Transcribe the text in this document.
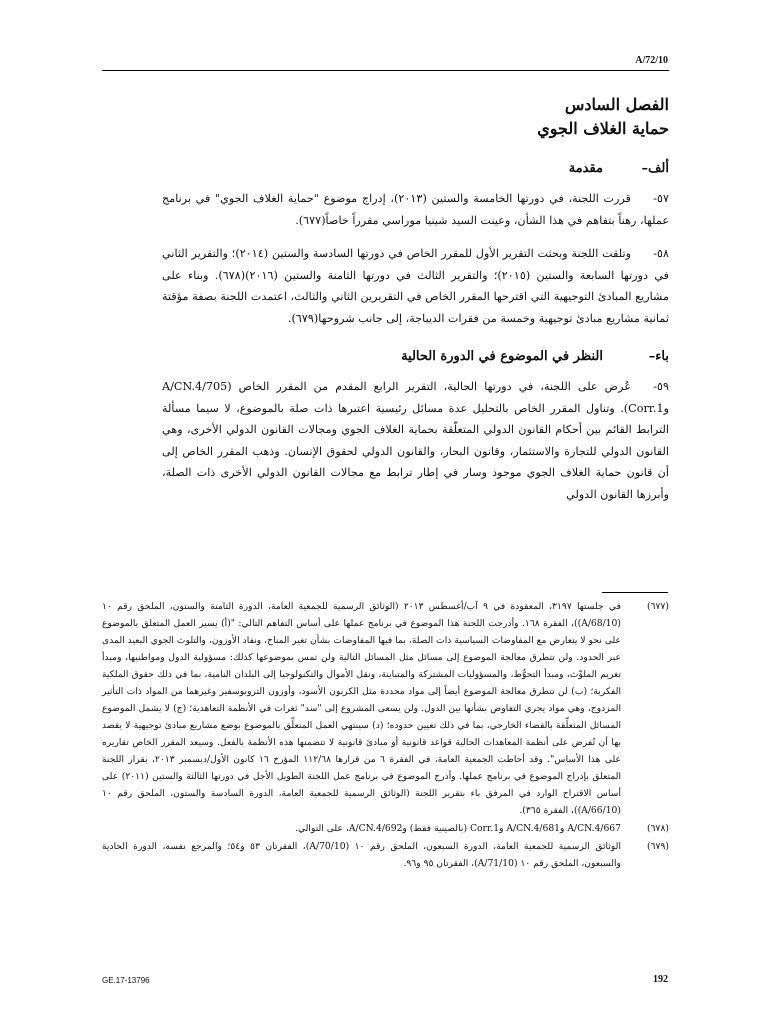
A/72/10
الفصل السادس
حماية الغلاف الجوي
ألف–مقدمة

٥٧-قررت اللجنة، في دورتها الخامسة والستين (٢٠١٣)، إدراج موضوع "حماية الغلاف الجوي" في برنامج عملها، رهناً بتفاهم في هذا الشأن، وعينت السيد شينيا موراسي مقرراً خاصاً(٦٧٧).

٥٨-وتلقت اللجنة وبحثت التقرير الأول للمقرر الخاص في دورتها السادسة والستين (٢٠١٤)؛ والتقرير الثاني في دورتها السابعة والستين (٢٠١٥)؛ والتقرير الثالث في دورتها الثامنة والستين (٢٠١٦)(٦٧٨). وبناء على مشاريع المبادئ التوجيهية التي اقترحها المقرر الخاص في التقريرين الثاني والثالث، اعتمدت اللجنة بصفة مؤقتة ثمانية مشاريع مبادئ توجيهية وخمسة من فقرات الديباجة، إلى جانب شروحها(٦٧٩).

باء–النظر في الموضوع في الدورة الحالية

٥٩-عُرض على اللجنة، في دورتها الحالية، التقرير الرابع المقدم من المقرر الخاص (A/CN.4/705 وCorr.1). وتناول المقرر الخاص بالتحليل عدة مسائل رئيسية اعتبرها ذات صلة بالموضوع، لا سيما مسألة الترابط القائم بين أحكام القانون الدولي المتعلّقة بحماية الغلاف الجوي ومجالات القانون الدولي الأخرى، وهي القانون الدولي للتجارة والاستثمار، وقانون البحار، والقانون الدولي لحقوق الإنسان. وذهب المقرر الخاص إلى أن قانون حماية الغلاف الجوي موجود وسار في إطار ترابط مع مجالات القانون الدولي الأخرى ذات الصلة، وأبرزها القانون الدولي

(٦٧٧)
في جلستها ٣١٩٧، المعقودة في ٩ آب/أغسطس ٢٠١٣ (الوثائق الرسمية للجمعية العامة، الدورة الثامنة والستون، الملحق رقم ١٠ (A/68/10))، الفقرة ١٦٨. وأدرجت اللجنة هذا الموضوع في برنامج عملها على أساس التفاهم التالي: "(أ) يسير العمل المتعلق بالموضوع على نحو لا يتعارض مع المفاوضات السياسية ذات الصلة، بما فيها المفاوضات بشأن تغير المناخ، ونفاد الأوزون، والتلوث الجوي البعيد المدى عبر الحدود. ولن تتطرق معالجة الموضوع إلى مسائل مثل المسائل التالية ولن تمس بموضوعها كذلك: مسؤولية الدول ومواطنيها، ومبدأ تغريم الملوِّث، ومبدأ التحوُّط، والمسؤوليات المشتركة والمتباينة، ونقل الأموال والتكنولوجيا إلى البلدان النامية، بما في ذلك حقوق الملكية الفكرية؛ (ب) لن تتطرق معالجة الموضوع أيضاً إلى مواد محددة مثل الكربون الأسود، وأوزون التروبوسفير وغيرهما من المواد ذات التأثير المزدوج، وهي مواد يجري التفاوض بشأنها بين الدول. ولن يسعى المشروع إلى "سد" ثغرات في الأنظمة التعاهدية؛ (ج) لا يشمل الموضوع المسائل المتعلِّقة بالفضاء الخارجي، بما في ذلك تعيين حدوده؛ (د) سينتهي العمل المتعلِّق بالموضوع بوضع مشاريع مبادئ توجيهية لا يقصد بها أن تُفرض على أنظمة المعاهدات الحالية قواعد قانونية أو مبادئ قانونية لا تتضمنها هذه الأنظمة بالفعل. وسيعد المقرر الخاص تقاريره على هذا الأساس". وقد أحاطت الجمعية العامة، في الفقرة ٦ من قرارها ١١٢/٦٨ المؤرخ ١٦ كانون الأول/ديسمبر ٢٠١٣، بقرار اللجنة المتعلق بإدراج الموضوع في برنامج عملها. وأدرج الموضوع في برنامج عمل اللجنة الطويل الأجل في دورتها الثالثة والستين (٢٠١١) على أساس الاقتراح الوارد في المرفق باء بتقرير اللجنة (الوثائق الرسمية للجمعية العامة، الدورة السادسة والستون، الملحق رقم ١٠ (A/66/10))، الفقرة ٣٦٥).
(٦٧٨)
A/CN.4/667 وA/CN.4/681 وCorr.1 (بالصينية فقط) وA/CN.4/692، على التوالي.
(٦٧٩)
الوثائق الرسمية للجمعية العامة، الدورة السبعون، الملحق رقم ١٠ (A/70/10)، الفقرتان ٥٣ و٥٤؛ والمرجع نفسه، الدورة الحادية والسبعون، الملحق رقم ١٠ (A/71/10)، الفقرتان ٩٥ و٩٦.
GE.17-13796	192
